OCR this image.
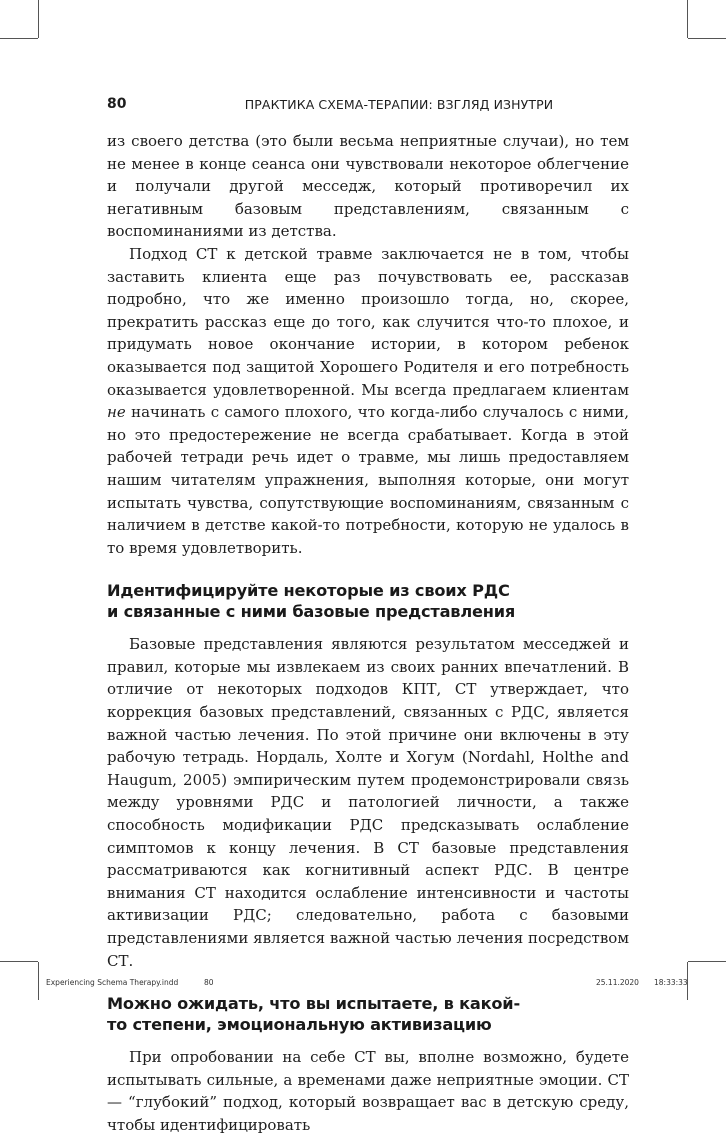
80	ПРАКТИКА СХЕМА-ТЕРАПИИ: ВЗГЛЯД ИЗНУТРИ

из своего детства (это были весьма неприятные случаи), но тем не менее в конце сеанса они чувствовали некоторое облегчение и получали другой месседж, который противоречил их негативным базовым представлениям, связанным с воспоминаниями из детства.

Подход СТ к детской травме заключается не в том, чтобы заставить клиента еще раз почувствовать ее, рассказав подробно, что же именно произошло тогда, но, скорее, прекратить рассказ еще до того, как случится что-то плохое, и придумать новое окончание истории, в котором ребенок оказывается под защитой Хорошего Родителя и его потребность оказывается удовлетворенной. Мы всегда предлагаем клиентам не начинать с самого плохого, что когда-либо случалось с ними, но это предостережение не всегда срабатывает. Когда в этой рабочей тетради речь идет о травме, мы лишь предоставляем нашим читателям упражнения, выполняя которые, они могут испытать чувства, сопутствующие воспоминаниям, связанным с наличием в детстве какой-то потребности, которую не удалось в то время удовлетворить.

Идентифицируйте некоторые из своих РДС
и связанные с ними базовые представления

Базовые представления являются результатом месседжей и правил, которые мы извлекаем из своих ранних впечатлений. В отличие от некоторых подходов КПТ, СТ утверждает, что коррекция базовых представлений, связанных с РДС, является важной частью лечения. По этой причине они включены в эту рабочую тетрадь. Нордаль, Холте и Хогум (Nordahl, Holthe and Haugum, 2005) эмпирическим путем продемонстрировали связь между уровнями РДС и патологией личности, а также способность модификации РДС предсказывать ослабление симптомов к концу лечения. В СТ базовые представления рассматриваются как когнитивный аспект РДС. В центре внимания СТ находится ослабление интенсивности и частоты активизации РДС; следовательно, работа с базовыми представлениями является важной частью лечения посредством СТ.

Можно ожидать, что вы испытаете, в какой-
то степени, эмоциональную активизацию

При опробовании на себе СТ вы, вполне возможно, будете испытывать сильные, а временами даже неприятные эмоции. СТ — “глубокий” подход, который возвращает вас в детскую среду, чтобы идентифицировать

Experiencing Schema Therapy.indd	80	25.11.2020 18:33:33
